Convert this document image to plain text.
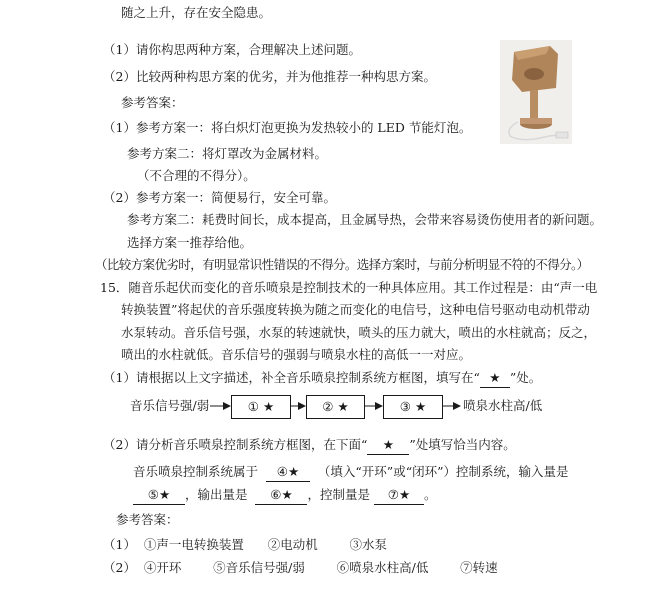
随之上升，存在安全隐患。
（1）请你构思两种方案，合理解决上述问题。
（2）比较两种构思方案的优劣，并为他推荐一种构思方案。
参考答案：
（1）参考方案一：将白炽灯泡更换为发热较小的 LED 节能灯泡。
参考方案二：将灯罩改为金属材料。
（不合理的不得分）。
（2）参考方案一：简便易行，安全可靠。
参考方案二：耗费时间长，成本提高，且金属导热，会带来容易烫伤使用者的新问题。
选择方案一推荐给他。
（比较方案优劣时，有明显常识性错误的不得分。选择方案时，与前分析明显不符的不得分。）
15．随音乐起伏而变化的音乐喷泉是控制技术的一种具体应用。其工作过程是：由“声一电
转换装置”将起伏的音乐强度转换为随之而变化的电信号，这种电信号驱动电动机带动
水泵转动。音乐信号强，水泵的转速就快，喷头的压力就大，喷出的水柱就高；反之，
喷出的水柱就低。音乐信号的强弱与喷泉水柱的高低一一对应。
（1）请根据以上文字描述，补全音乐喷泉控制系统方框图，填写在“ ★ ”处。
音乐信号强/弱	① ★	② ★	③ ★	喷泉水柱高/低
（2）请分析音乐喷泉控制系统方框图，在下面“ ★ ”处填写恰当内容。
音乐喷泉控制系统属于 ④★ （填入“开环”或“闭环”）控制系统，输入量是
⑤★ ，输出量是 ⑥★ ，控制量是 ⑦★ 。
参考答案：
（1）  ①声一电转换装置      ②电动机        ③水泵
（2）  ④开环        ⑤音乐信号强/弱        ⑥喷泉水柱高/低        ⑦转速
